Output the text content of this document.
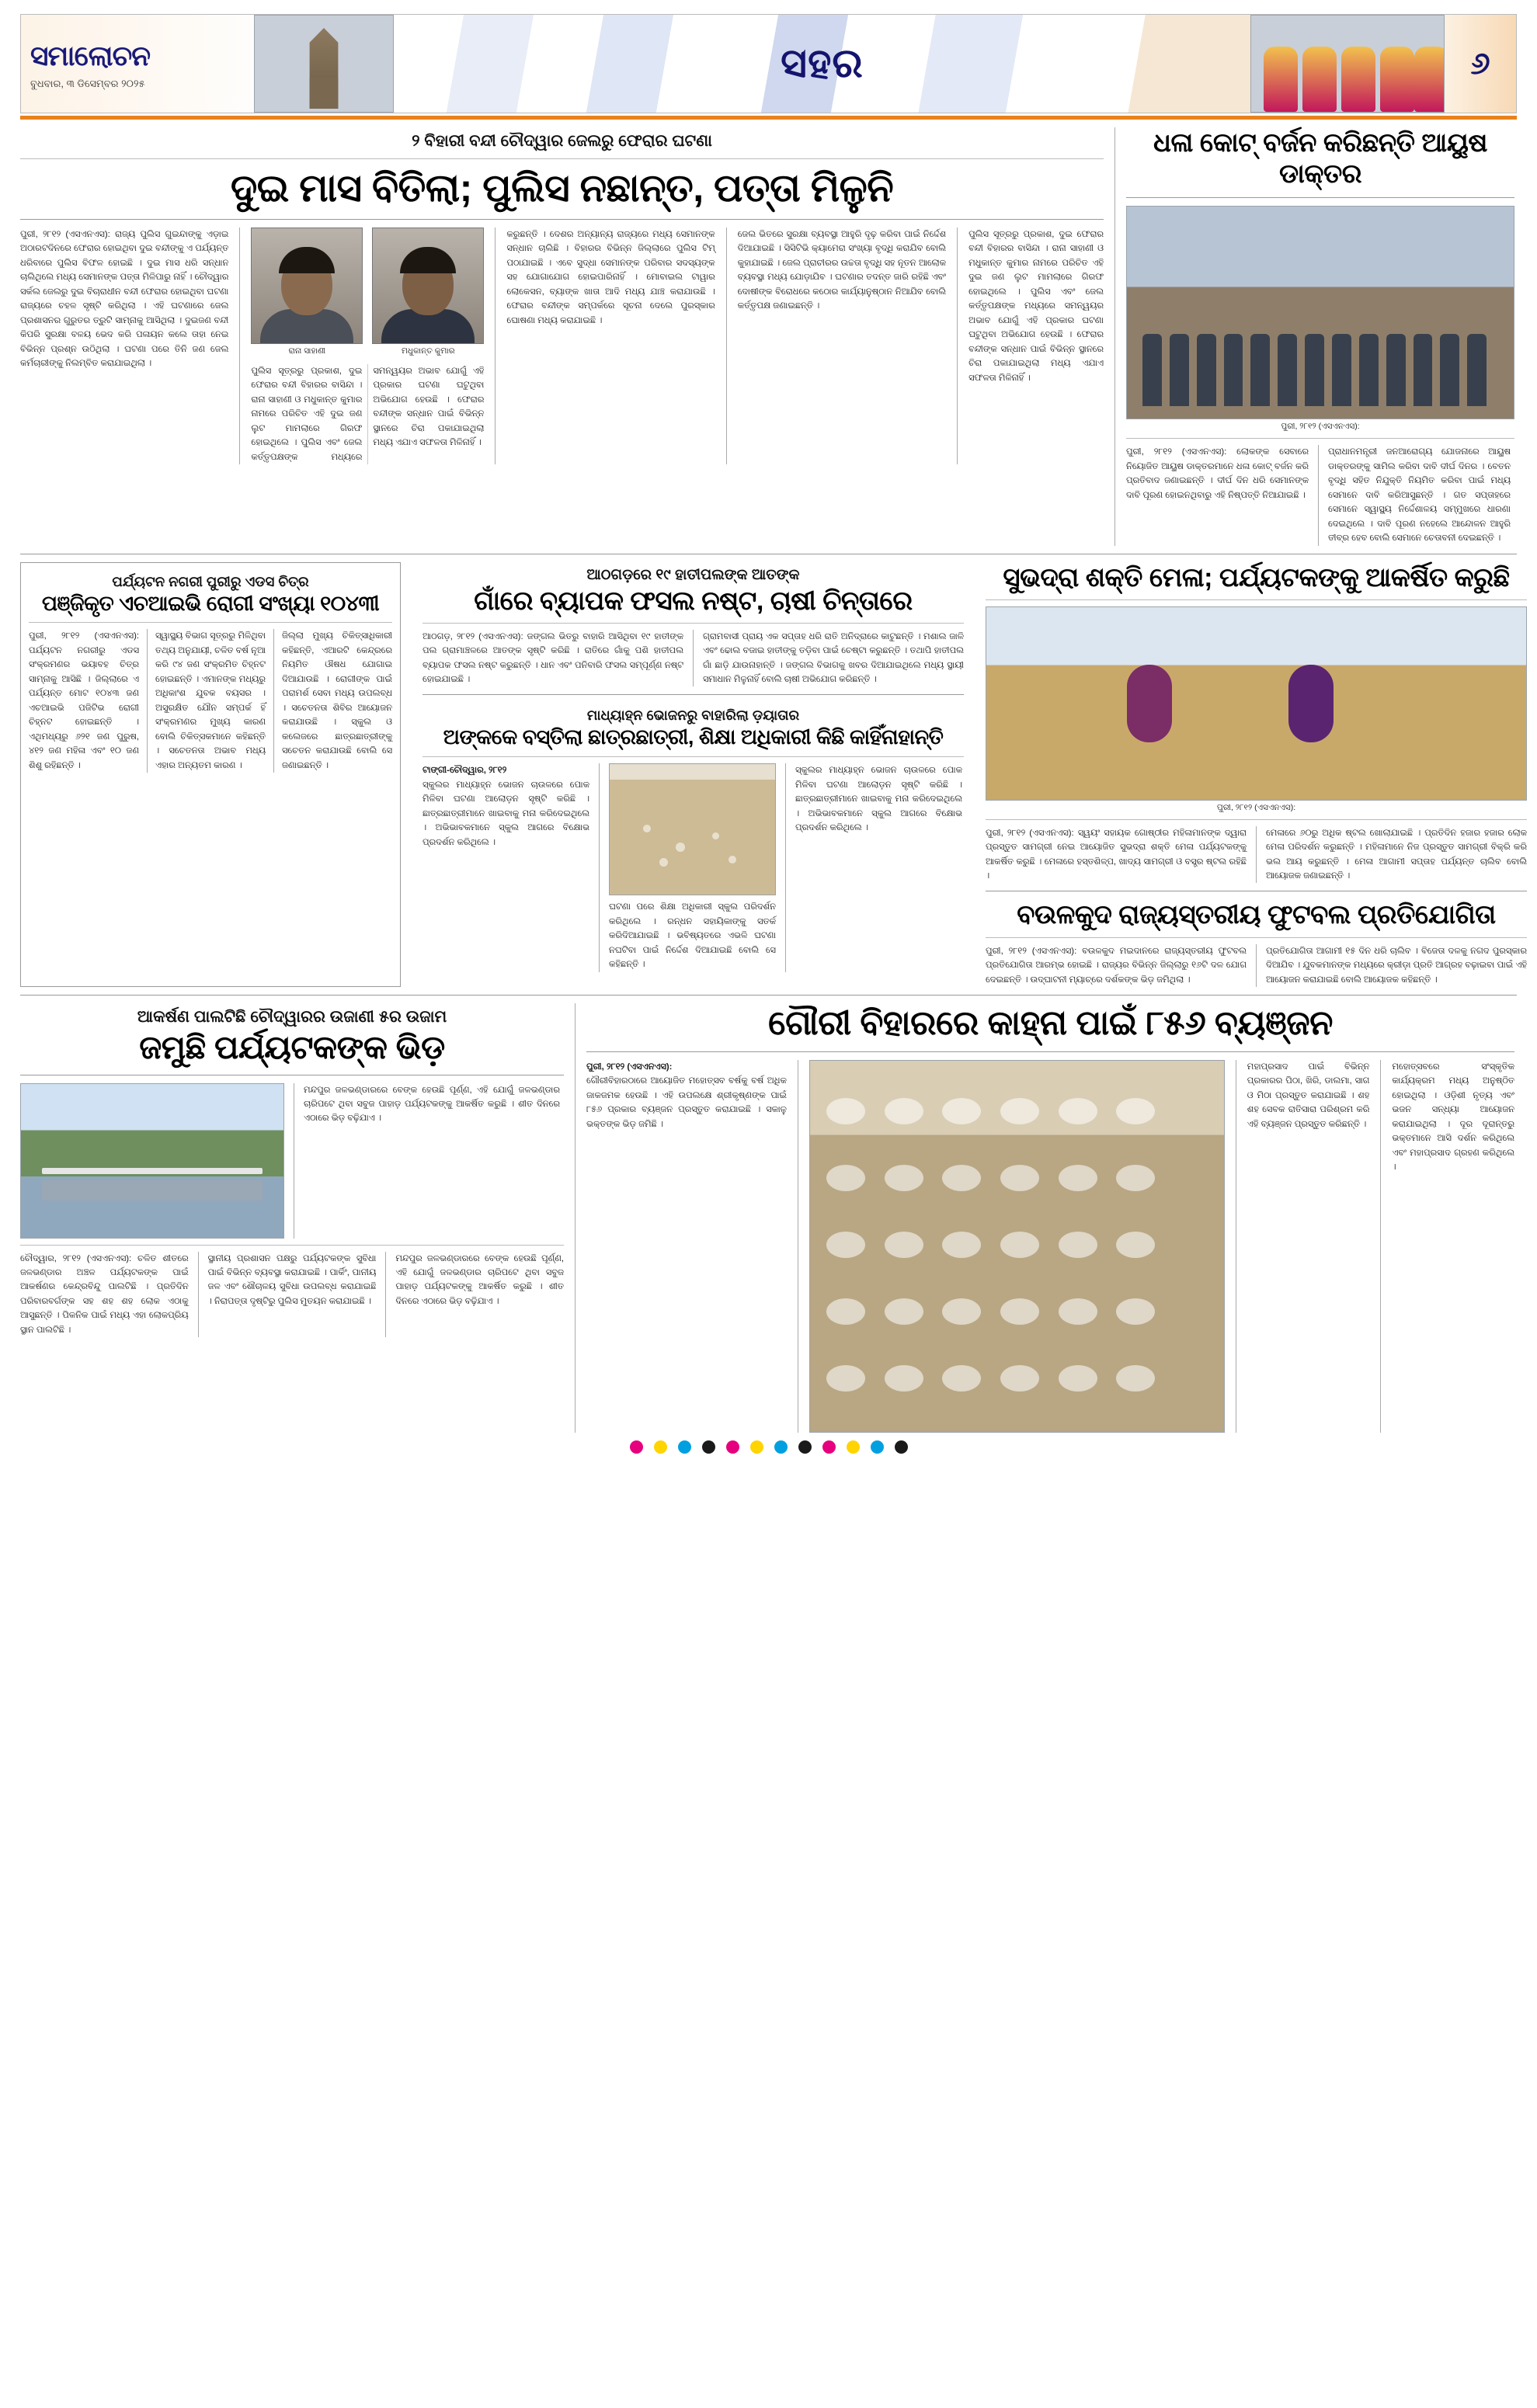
ସମାଲୋଚନ
ବୁଧବାର, ୩ ଡିସେମ୍ବର ୨୦୨୫	ସହର	୬
୨ ବିହାରୀ ବନ୍ଦୀ ଚୌଦ୍ୱାର ଜେଲରୁ ଫେରାର ଘଟଣା
ଦୁଇ ମାସ ବିତିଲା; ପୁଲିସ ନଛାନ୍ତ, ପତ୍ତା ମିଳୁନି
ପୁରୀ, ୨୮୧୨ (ଏସଏନଏସ): ରାଜ୍ୟ ପୁଲିସ ଗୁଇନ୍ଦାଙ୍କୁ ଏଡ଼ାଇ ଅଠାରଟଦିନରେ ଫେରାର ହୋଇଥିବା ଦୁଇ ବନ୍ଦୀଙ୍କୁ ଏ ପର୍ଯ୍ୟନ୍ତ ଧରିବାରେ ପୁଲିସ ବିଫଳ ହୋଇଛି । ଦୁଇ ମାସ ଧରି ସନ୍ଧାନ ଚାଲିଥିଲେ ମଧ୍ୟ ସେମାନଙ୍କ ପତ୍ତା ମିଳିପାରୁ ନାହିଁ । ଚୌଦ୍ୱାର ସର୍କଲ ଜେଲରୁ ଦୁଇ ବିଚାରାଧୀନ ବନ୍ଦୀ ଫେରାର ହୋଇଥିବା ଘଟଣା ରାଜ୍ୟରେ ଚହଳ ସୃଷ୍ଟି କରିଥିଲା । ଏହି ଘଟଣାରେ ଜେଲ ପ୍ରଶାସନର ଗୁରୁତର ତ୍ରୁଟି ସାମ୍ନାକୁ ଆସିଥିଲା । ଦୁଇଜଣ ବନ୍ଦୀ କିପରି ସୁରକ୍ଷା ବଳୟ ଭେଦ କରି ପଳାୟନ କଲେ ତାହା ନେଇ ବିଭିନ୍ନ ପ୍ରଶ୍ନ ଉଠିଥିଲା । ଘଟଣା ପରେ ତିନି ଜଣ ଜେଲ କର୍ମଚାରୀଙ୍କୁ ନିଲମ୍ବିତ କରାଯାଇଥିଲା ।
ରାନା ସାହାଣୀ	ମଧୁକାନ୍ତ କୁମାର
ପୁଲିସ ସୂତ୍ରରୁ ପ୍ରକାଶ, ଦୁଇ ଫେରାର ବନ୍ଦୀ ବିହାରର ବାସିନ୍ଦା । ରାନା ସାହାଣୀ ଓ ମଧୁକାନ୍ତ କୁମାର ନାମରେ ପରିଚିତ ଏହି ଦୁଇ ଜଣ ଲୁଟ ମାମଲାରେ ଗିରଫ ହୋଇଥିଲେ । ପୁଲିସ ଏବଂ ଜେଲ କର୍ତ୍ତୃପକ୍ଷଙ୍କ ମଧ୍ୟରେ ସମନ୍ୱୟର ଅଭାବ ଯୋଗୁଁ ଏହି ପ୍ରକାର ଘଟଣା ଘଟୁଥିବା ଅଭିଯୋଗ ହେଉଛି । ଫେରାର ବନ୍ଦୀଙ୍କ ସନ୍ଧାନ ପାଇଁ ବିଭିନ୍ନ ସ୍ଥାନରେ ଚିରା ପକାଯାଇଥିଲା ମଧ୍ୟ ଏଯାଏ ସଫଳତା ମିଳିନାହିଁ ।
କରୁଛନ୍ତି । ଦେଶର ଅନ୍ୟାନ୍ୟ ରାଜ୍ୟରେ ମଧ୍ୟ ସେମାନଙ୍କ ସନ୍ଧାନ ଚାଲିଛି । ବିହାରର ବିଭିନ୍ନ ଜିଲ୍ଲାରେ ପୁଲିସ ଟିମ୍ ପଠାଯାଇଛି । ଏବେ ସୁଦ୍ଧା ସେମାନଙ୍କ ପରିବାର ସଦସ୍ୟଙ୍କ ସହ ଯୋଗାଯୋଗ ହୋଇପାରିନାହିଁ । ମୋବାଇଲ ଟାୱାର ଲୋକେସନ, ବ୍ୟାଙ୍କ ଖାତା ଆଦି ମଧ୍ୟ ଯାଞ୍ଚ କରାଯାଉଛି । ଫେରାର ବନ୍ଦୀଙ୍କ ସମ୍ପର୍କରେ ସୂଚନା ଦେଲେ ପୁରସ୍କାର ଘୋଷଣା ମଧ୍ୟ କରାଯାଇଛି ।
ଜେଲ ଭିତରେ ସୁରକ୍ଷା ବ୍ୟବସ୍ଥା ଆହୁରି ଦୃଢ଼ କରିବା ପାଇଁ ନିର୍ଦ୍ଦେଶ ଦିଆଯାଇଛି । ସିସିଟିଭି କ୍ୟାମେରା ସଂଖ୍ୟା ବୃଦ୍ଧି କରାଯିବ ବୋଲି କୁହାଯାଇଛି । ଜେଲ ପ୍ରାଚୀରର ଉଚ୍ଚତା ବୃଦ୍ଧି ସହ ନୂତନ ଆଲୋକ ବ୍ୟବସ୍ଥା ମଧ୍ୟ ଯୋଡ଼ାଯିବ । ଘଟଣାର ତଦନ୍ତ ଜାରି ରହିଛି ଏବଂ ଦୋଷୀଙ୍କ ବିରୋଧରେ କଠୋର କାର୍ଯ୍ୟାନୁଷ୍ଠାନ ନିଆଯିବ ବୋଲି କର୍ତ୍ତୃପକ୍ଷ ଜଣାଇଛନ୍ତି ।
ପୁଲିସ ସୂତ୍ରରୁ ପ୍ରକାଶ, ଦୁଇ ଫେରାର ବନ୍ଦୀ ବିହାରର ବାସିନ୍ଦା । ରାନା ସାହାଣୀ ଓ ମଧୁକାନ୍ତ କୁମାର ନାମରେ ପରିଚିତ ଏହି ଦୁଇ ଜଣ ଲୁଟ ମାମଲାରେ ଗିରଫ ହୋଇଥିଲେ । ପୁଲିସ ଏବଂ ଜେଲ କର୍ତ୍ତୃପକ୍ଷଙ୍କ ମଧ୍ୟରେ ସମନ୍ୱୟର ଅଭାବ ଯୋଗୁଁ ଏହି ପ୍ରକାର ଘଟଣା ଘଟୁଥିବା ଅଭିଯୋଗ ହେଉଛି । ଫେରାର ବନ୍ଦୀଙ୍କ ସନ୍ଧାନ ପାଇଁ ବିଭିନ୍ନ ସ୍ଥାନରେ ଚିରା ପକାଯାଇଥିଲା ମଧ୍ୟ ଏଯାଏ ସଫଳତା ମିଳିନାହିଁ ।
ଧଳା କୋଟ୍ ବର୍ଜନ କରିଛନ୍ତି ଆୟୁଷ ଡାକ୍ତର
ପୁରୀ, ୨୮୧୨ (ଏସଏନଏସ):
ପୁରୀ, ୨୮୧୨ (ଏସଏନଏସ): ଲୋକଙ୍କ ସେବାରେ ନିୟୋଜିତ ଆୟୁଷ ଡାକ୍ତରମାନେ ଧଳା କୋଟ୍ ବର୍ଜନ କରି ପ୍ରତିବାଦ ଜଣାଇଛନ୍ତି । ଦୀର୍ଘ ଦିନ ଧରି ସେମାନଙ୍କ ଦାବି ପୂରଣ ହୋଇନଥିବାରୁ ଏହି ନିଷ୍ପତ୍ତି ନିଆଯାଇଛି ।
ପ୍ରାଧାନମନ୍ତ୍ରୀ ଜନଆରୋଗ୍ୟ ଯୋଜନାରେ ଆୟୁଷ ଡାକ୍ତରଙ୍କୁ ସାମିଲ କରିବା ଦାବି ଦୀର୍ଘ ଦିନର । ବେତନ ବୃଦ୍ଧି ସହିତ ନିଯୁକ୍ତି ନିୟମିତ କରିବା ପାଇଁ ମଧ୍ୟ ସେମାନେ ଦାବି କରିଆସୁଛନ୍ତି । ଗତ ସପ୍ତାହରେ ସେମାନେ ସ୍ୱାସ୍ଥ୍ୟ ନିର୍ଦ୍ଦେଶାଳୟ ସମ୍ମୁଖରେ ଧାରଣା ଦେଇଥିଲେ । ଦାବି ପୂରଣ ନହେଲେ ଆନ୍ଦୋଳନ ଆହୁରି ତୀବ୍ର ହେବ ବୋଲି ସେମାନେ ଚେତାବନୀ ଦେଇଛନ୍ତି ।
ପର୍ଯ୍ୟଟନ ନଗରୀ ପୁରୀରୁ ଏଡସ ଚିତ୍ର
ପଞ୍ଜିକୃତ ଏଚଆଇଭି ରୋଗୀ ସଂଖ୍ୟା ୧୦୪୩ୀ
ପୁରୀ, ୨୮୧୨ (ଏସଏନଏସ): ପର୍ଯ୍ୟଟନ ନଗରୀରୁ ଏଡସ ସଂକ୍ରମଣର ଭୟାବହ ଚିତ୍ର ସାମ୍ନାକୁ ଆସିଛି । ଜିଲ୍ଲାରେ ଏ ପର୍ଯ୍ୟନ୍ତ ମୋଟ ୧୦୪୩ ଜଣ ଏଚଆଇଭି ପଜିଟିଭ ରୋଗୀ ଚିହ୍ନଟ ହୋଇଛନ୍ତି । ଏଥିମଧ୍ୟରୁ ୬୨୧ ଜଣ ପୁରୁଷ, ୪୧୨ ଜଣ ମହିଳା ଏବଂ ୧୦ ଜଣ ଶିଶୁ ରହିଛନ୍ତି ।
ସ୍ୱାସ୍ଥ୍ୟ ବିଭାଗ ସୂତ୍ରରୁ ମିଳିଥିବା ତଥ୍ୟ ଅନୁଯାୟୀ, ଚଳିତ ବର୍ଷ ନୂଆ କରି ୯୪ ଜଣ ସଂକ୍ରମିତ ଚିହ୍ନଟ ହୋଇଛନ୍ତି । ଏମାନଙ୍କ ମଧ୍ୟରୁ ଅଧିକାଂଶ ଯୁବକ ବୟସର । ଅସୁରକ୍ଷିତ ଯୌନ ସମ୍ପର୍କ ହିଁ ସଂକ୍ରମଣର ମୁଖ୍ୟ କାରଣ ବୋଲି ଚିକିତ୍ସକମାନେ କହିଛନ୍ତି । ସଚେତନତା ଅଭାବ ମଧ୍ୟ ଏହାର ଅନ୍ୟତମ କାରଣ ।
ଜିଲ୍ଲା ମୁଖ୍ୟ ଚିକିତ୍ସାଧିକାରୀ କହିଛନ୍ତି, ଏଆରଟି କେନ୍ଦ୍ରରେ ନିୟମିତ ଔଷଧ ଯୋଗାଇ ଦିଆଯାଉଛି । ରୋଗୀଙ୍କ ପାଇଁ ପରାମର୍ଶ ସେବା ମଧ୍ୟ ଉପଲବ୍ଧ । ସଚେତନତା ଶିବିର ଆୟୋଜନ କରାଯାଉଛି । ସ୍କୁଲ ଓ କଲେଜରେ ଛାତ୍ରଛାତ୍ରୀଙ୍କୁ ସଚେତନ କରାଯାଉଛି ବୋଲି ସେ ଜଣାଇଛନ୍ତି ।
ଆଠଗଡ଼ରେ ୧୯ ହାତୀପଲଙ୍କ ଆତଙ୍କ
ଗାଁରେ ବ୍ୟାପକ ଫସଲ ନଷ୍ଟ, ଚାଷୀ ଚିନ୍ତାରେ
ଆଠଗଡ଼, ୨୮୧୨ (ଏସଏନଏସ): ଜଙ୍ଗଲ ଭିତରୁ ବାହାରି ଆସିଥିବା ୧୯ ହାତୀଙ୍କ ପଲ ଗ୍ରାମାଞ୍ଚଳରେ ଆତଙ୍କ ସୃଷ୍ଟି କରିଛି । ରାତିରେ ଗାଁକୁ ପଶି ହାତୀପଲ ବ୍ୟାପକ ଫସଲ ନଷ୍ଟ କରୁଛନ୍ତି । ଧାନ ଏବଂ ପନିବାରି ଫସଲ ସମ୍ପୂର୍ଣ୍ଣ ନଷ୍ଟ ହୋଇଯାଇଛି ।
ଗ୍ରାମବାସୀ ପ୍ରାୟ ଏକ ସପ୍ତାହ ଧରି ରାତି ଅନିଦ୍ରାରେ କାଟୁଛନ୍ତି । ମଶାଲ ଜାଳି ଏବଂ ଢୋଲ ବଜାଇ ହାତୀଙ୍କୁ ତଡ଼ିବା ପାଇଁ ଚେଷ୍ଟା କରୁଛନ୍ତି । ତଥାପି ହାତୀପଲ ଗାଁ ଛାଡ଼ି ଯାଉନାହାନ୍ତି । ଜଙ୍ଗଲ ବିଭାଗକୁ ଖବର ଦିଆଯାଇଥିଲେ ମଧ୍ୟ ସ୍ଥାୟୀ ସମାଧାନ ମିଳୁନାହିଁ ବୋଲି ଚାଷୀ ଅଭିଯୋଗ କରିଛନ୍ତି ।
ମାଧ୍ୟାହ୍ନ ଭୋଜନରୁ ବାହାରିଲା ଡ଼ୟାତାର
ଅଙ୍କକେ ବସ୍ତିଲା ଛାତ୍ରଛାତ୍ରୀ, ଶିକ୍ଷା ଅଧିକାରୀ କିଛି କାହିଁନାହାନ୍ତି
ଟାଙ୍ଗୀ-ଚୌଦ୍ୱାର, ୨୮୧୨
ସ୍କୁଲର ମାଧ୍ୟାହ୍ନ ଭୋଜନ ଚାଉଳରେ ପୋକ ମିଳିବା ଘଟଣା ଆଲୋଡ଼ନ ସୃଷ୍ଟି କରିଛି । ଛାତ୍ରଛାତ୍ରୀମାନେ ଖାଇବାକୁ ମନା କରିଦେଇଥିଲେ । ଅଭିଭାବକମାନେ ସ୍କୁଲ ଆଗରେ ବିକ୍ଷୋଭ ପ୍ରଦର୍ଶନ କରିଥିଲେ ।
ଘଟଣା ପରେ ଶିକ୍ଷା ଅଧିକାରୀ ସ୍କୁଲ ପରିଦର୍ଶନ କରିଥିଲେ । ରନ୍ଧନ ସହାୟିକାଙ୍କୁ ସତର୍କ କରିଦିଆଯାଇଛି । ଭବିଷ୍ୟତରେ ଏଭଳି ଘଟଣା ନଘଟିବା ପାଇଁ ନିର୍ଦ୍ଦେଶ ଦିଆଯାଇଛି ବୋଲି ସେ କହିଛନ୍ତି ।
ସ୍କୁଲର ମାଧ୍ୟାହ୍ନ ଭୋଜନ ଚାଉଳରେ ପୋକ ମିଳିବା ଘଟଣା ଆଲୋଡ଼ନ ସୃଷ୍ଟି କରିଛି । ଛାତ୍ରଛାତ୍ରୀମାନେ ଖାଇବାକୁ ମନା କରିଦେଇଥିଲେ । ଅଭିଭାବକମାନେ ସ୍କୁଲ ଆଗରେ ବିକ୍ଷୋଭ ପ୍ରଦର୍ଶନ କରିଥିଲେ ।
ସୁଭଦ୍ରା ଶକ୍ତି ମେଳା; ପର୍ଯ୍ୟଟକଙ୍କୁ ଆକର୍ଷିତ କରୁଛି
ପୁରୀ, ୨୮୧୨ (ଏସଏନଏସ):
ପୁରୀ, ୨୮୧୨ (ଏସଏନଏସ): ସ୍ୱୟଂ ସହାୟକ ଗୋଷ୍ଠୀର ମହିଳାମାନଙ୍କ ଦ୍ୱାରା ପ୍ରସ୍ତୁତ ସାମଗ୍ରୀ ନେଇ ଆୟୋଜିତ ସୁଭଦ୍ରା ଶକ୍ତି ମେଳା ପର୍ଯ୍ୟଟକଙ୍କୁ ଆକର୍ଷିତ କରୁଛି । ମେଳାରେ ହସ୍ତଶିଳ୍ପ, ଖାଦ୍ୟ ସାମଗ୍ରୀ ଓ ବସ୍ତ୍ର ଷ୍ଟଲ ରହିଛି ।
ମେଳାରେ ୬୦ରୁ ଅଧିକ ଷ୍ଟଲ ଖୋଲାଯାଇଛି । ପ୍ରତିଦିନ ହଜାର ହଜାର ଲୋକ ମେଳା ପରିଦର୍ଶନ କରୁଛନ୍ତି । ମହିଳାମାନେ ନିଜ ପ୍ରସ୍ତୁତ ସାମଗ୍ରୀ ବିକ୍ରି କରି ଭଲ ଆୟ କରୁଛନ୍ତି । ମେଳା ଆଗାମୀ ସପ୍ତାହ ପର୍ଯ୍ୟନ୍ତ ଚାଲିବ ବୋଲି ଆୟୋଜକ ଜଣାଇଛନ୍ତି ।
ବଉଳକୁଦ ରାଜ୍ୟସ୍ତରୀୟ ଫୁଟବଲ ପ୍ରତିଯୋଗିତା
ପୁରୀ, ୨୮୧୨ (ଏସଏନଏସ): ବଉଳକୁଦ ମଇଦାନରେ ରାଜ୍ୟସ୍ତରୀୟ ଫୁଟବଲ ପ୍ରତିଯୋଗିତା ଆରମ୍ଭ ହୋଇଛି । ରାଜ୍ୟର ବିଭିନ୍ନ ଜିଲ୍ଲାରୁ ୧୬ଟି ଦଳ ଯୋଗ ଦେଇଛନ୍ତି । ଉଦ୍‌ଘାଟନୀ ମ୍ୟାଚ୍‌ରେ ଦର୍ଶକଙ୍କ ଭିଡ଼ ଜମିଥିଲା ।
ପ୍ରତିଯୋଗିତା ଆଗାମୀ ୧୫ ଦିନ ଧରି ଚାଲିବ । ବିଜେତା ଦଳକୁ ନଗଦ ପୁରସ୍କାର ଦିଆଯିବ । ଯୁବକମାନଙ୍କ ମଧ୍ୟରେ କ୍ରୀଡ଼ା ପ୍ରତି ଆଗ୍ରହ ବଢ଼ାଇବା ପାଇଁ ଏହି ଆୟୋଜନ କରାଯାଇଛି ବୋଲି ଆୟୋଜକ କହିଛନ୍ତି ।
ଆକର୍ଷଣ ପାଲଟିଛି ଚୌଦ୍ୱାରର ଉଜାଣୀ ୫ର ଉଜାମ
ଜମୁଛି ପର୍ଯ୍ୟଟକଙ୍କ ଭିଡ଼
ମନ୍ଦପୁର ଜଳଭଣ୍ଡାରରେ ବେଙ୍କ ହେଉଛି ପୂର୍ଣ୍ଣ, ଏହି ଯୋଗୁଁ ଜଳଭଣ୍ଡାର ଚାରିପଟେ ଥିବା ସବୁଜ ପାହାଡ଼ ପର୍ଯ୍ୟଟକଙ୍କୁ ଆକର୍ଷିତ କରୁଛି । ଶୀତ ଦିନରେ ଏଠାରେ ଭିଡ଼ ବଢ଼ିଯାଏ ।
ଚୌଦ୍ୱାର, ୨୮୧୨ (ଏସଏନଏସ): ଚଳିତ ଶୀତରେ ଜଳଭଣ୍ଡାର ଅଞ୍ଚଳ ପର୍ଯ୍ୟଟକଙ୍କ ପାଇଁ ଆକର୍ଷଣର କେନ୍ଦ୍ରବିନ୍ଦୁ ପାଲଟିଛି । ପ୍ରତିଦିନ ପରିବାରବର୍ଗଙ୍କ ସହ ଶହ ଶହ ଲୋକ ଏଠାକୁ ଆସୁଛନ୍ତି । ପିକନିକ ପାଇଁ ମଧ୍ୟ ଏହା ଲୋକପ୍ରିୟ ସ୍ଥାନ ପାଲଟିଛି ।
ସ୍ଥାନୀୟ ପ୍ରଶାସନ ପକ୍ଷରୁ ପର୍ଯ୍ୟଟକଙ୍କ ସୁବିଧା ପାଇଁ ବିଭିନ୍ନ ବ୍ୟବସ୍ଥା କରାଯାଇଛି । ପାର୍କିଂ, ପାନୀୟ ଜଳ ଏବଂ ଶୌଚାଳୟ ସୁବିଧା ଉପଲବ୍ଧ କରାଯାଇଛି । ନିରାପତ୍ତା ଦୃଷ୍ଟିରୁ ପୁଲିସ ମୁତୟନ କରାଯାଇଛି ।
ମନ୍ଦପୁର ଜଳଭଣ୍ଡାରରେ ବେଙ୍କ ହେଉଛି ପୂର୍ଣ୍ଣ, ଏହି ଯୋଗୁଁ ଜଳଭଣ୍ଡାର ଚାରିପଟେ ଥିବା ସବୁଜ ପାହାଡ଼ ପର୍ଯ୍ୟଟକଙ୍କୁ ଆକର୍ଷିତ କରୁଛି । ଶୀତ ଦିନରେ ଏଠାରେ ଭିଡ଼ ବଢ଼ିଯାଏ ।
ଗୌରୀ ବିହାରରେ କାହ୍ନା ପାଇଁ ୮୫୬ ବ୍ୟଞ୍ଜନ
ପୁରୀ, ୨୮୧୨ (ଏସଏନଏସ):
ଗୌରୀବିହାରଠାରେ ଆୟୋଜିତ ମହୋତ୍ସବ ବର୍ଷକୁ ବର୍ଷ ଅଧିକ ଜାକଜମକ ହେଉଛି । ଏହି ଉପଲକ୍ଷେ ଶ୍ରୀକୃଷ୍ଣଙ୍କ ପାଇଁ ୮୫୬ ପ୍ରକାର ବ୍ୟଞ୍ଜନ ପ୍ରସ୍ତୁତ କରାଯାଇଛି । ସକାଳୁ ଭକ୍ତଙ୍କ ଭିଡ଼ ଜମିଛି ।
ମହାପ୍ରସାଦ ପାଇଁ ବିଭିନ୍ନ ପ୍ରକାରର ପିଠା, ଖିରି, ଡାଲମା, ସାଗ ଓ ମିଠା ପ୍ରସ୍ତୁତ କରାଯାଇଛି । ଶହ ଶହ ସେବକ ରାତିସାରା ପରିଶ୍ରମ କରି ଏହି ବ୍ୟଞ୍ଜନ ପ୍ରସ୍ତୁତ କରିଛନ୍ତି ।
ମହୋତ୍ସବରେ ସଂସ୍କୃତିକ କାର୍ଯ୍ୟକ୍ରମ ମଧ୍ୟ ଅନୁଷ୍ଠିତ ହୋଇଥିଲା । ଓଡ଼ିଶୀ ନୃତ୍ୟ ଏବଂ ଭଜନ ସନ୍ଧ୍ୟା ଆୟୋଜନ କରାଯାଇଥିଲା । ଦୂର ଦୂରାନ୍ତରୁ ଭକ୍ତମାନେ ଆସି ଦର୍ଶନ କରିଥିଲେ ଏବଂ ମହାପ୍ରସାଦ ଗ୍ରହଣ କରିଥିଲେ ।
